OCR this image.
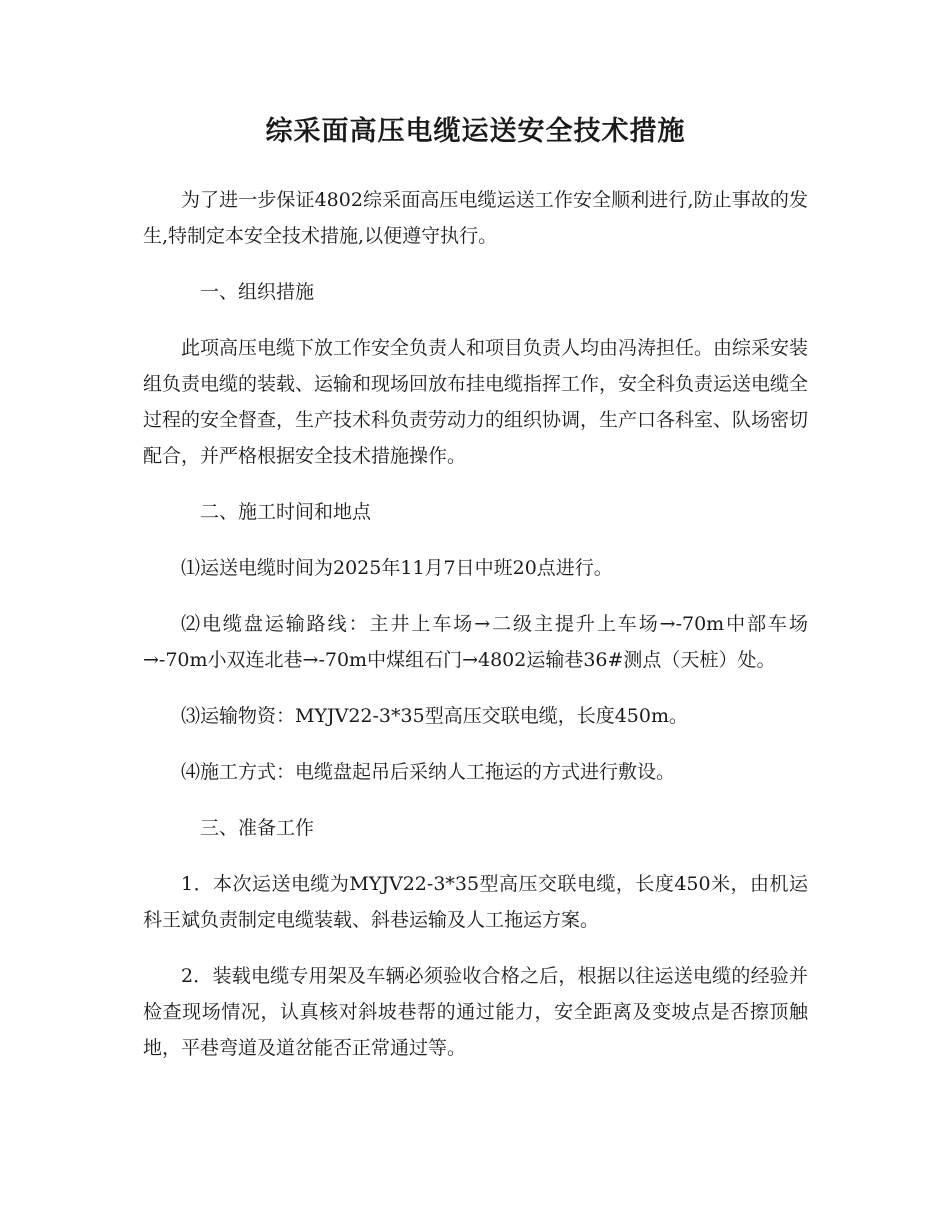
综采面高压电缆运送安全技术措施

为了进一步保证4802综采面高压电缆运送工作安全顺利进行,防止事故的发生,特制定本安全技术措施,以便遵守执行。

一、组织措施

此项高压电缆下放工作安全负责人和项目负责人均由冯涛担任。由综采安装组负责电缆的装载、运输和现场回放布挂电缆指挥工作，安全科负责运送电缆全过程的安全督查，生产技术科负责劳动力的组织协调，生产口各科室、队场密切配合，并严格根据安全技术措施操作。

二、施工时间和地点

⑴运送电缆时间为2025年11月7日中班20点进行。

⑵电缆盘运输路线：主井上车场→二级主提升上车场→-70m中部车场→-70m小双连北巷→-70m中煤组石门→4802运输巷36#测点（天桩）处。

⑶运输物资：MYJV22-3*35型高压交联电缆，长度450m。

⑷施工方式：电缆盘起吊后采纳人工拖运的方式进行敷设。

三、准备工作

1．本次运送电缆为MYJV22-3*35型高压交联电缆，长度450米，由机运科王斌负责制定电缆装载、斜巷运输及人工拖运方案。

2．装载电缆专用架及车辆必须验收合格之后，根据以往运送电缆的经验并检查现场情况，认真核对斜坡巷帮的通过能力，安全距离及变坡点是否擦顶触地，平巷弯道及道岔能否正常通过等。
